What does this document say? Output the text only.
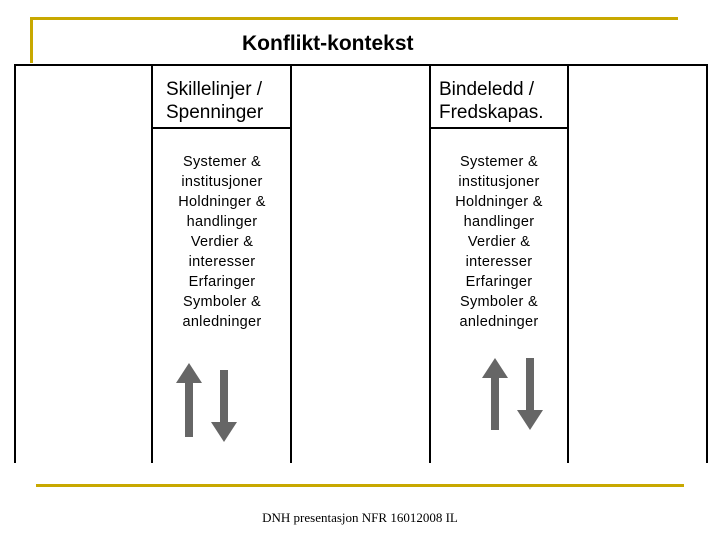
Konflikt-kontekst
Skillelinjer /
Spenninger
Systemer &
institusjoner
Holdninger &
handlinger
Verdier &
interesser
Erfaringer
Symboler &
anledninger
Bindeledd /
Fredskapas.
Systemer &
institusjoner
Holdninger &
handlinger
Verdier &
interesser
Erfaringer
Symboler &
anledninger
DNH presentasjon NFR 16012008 IL
